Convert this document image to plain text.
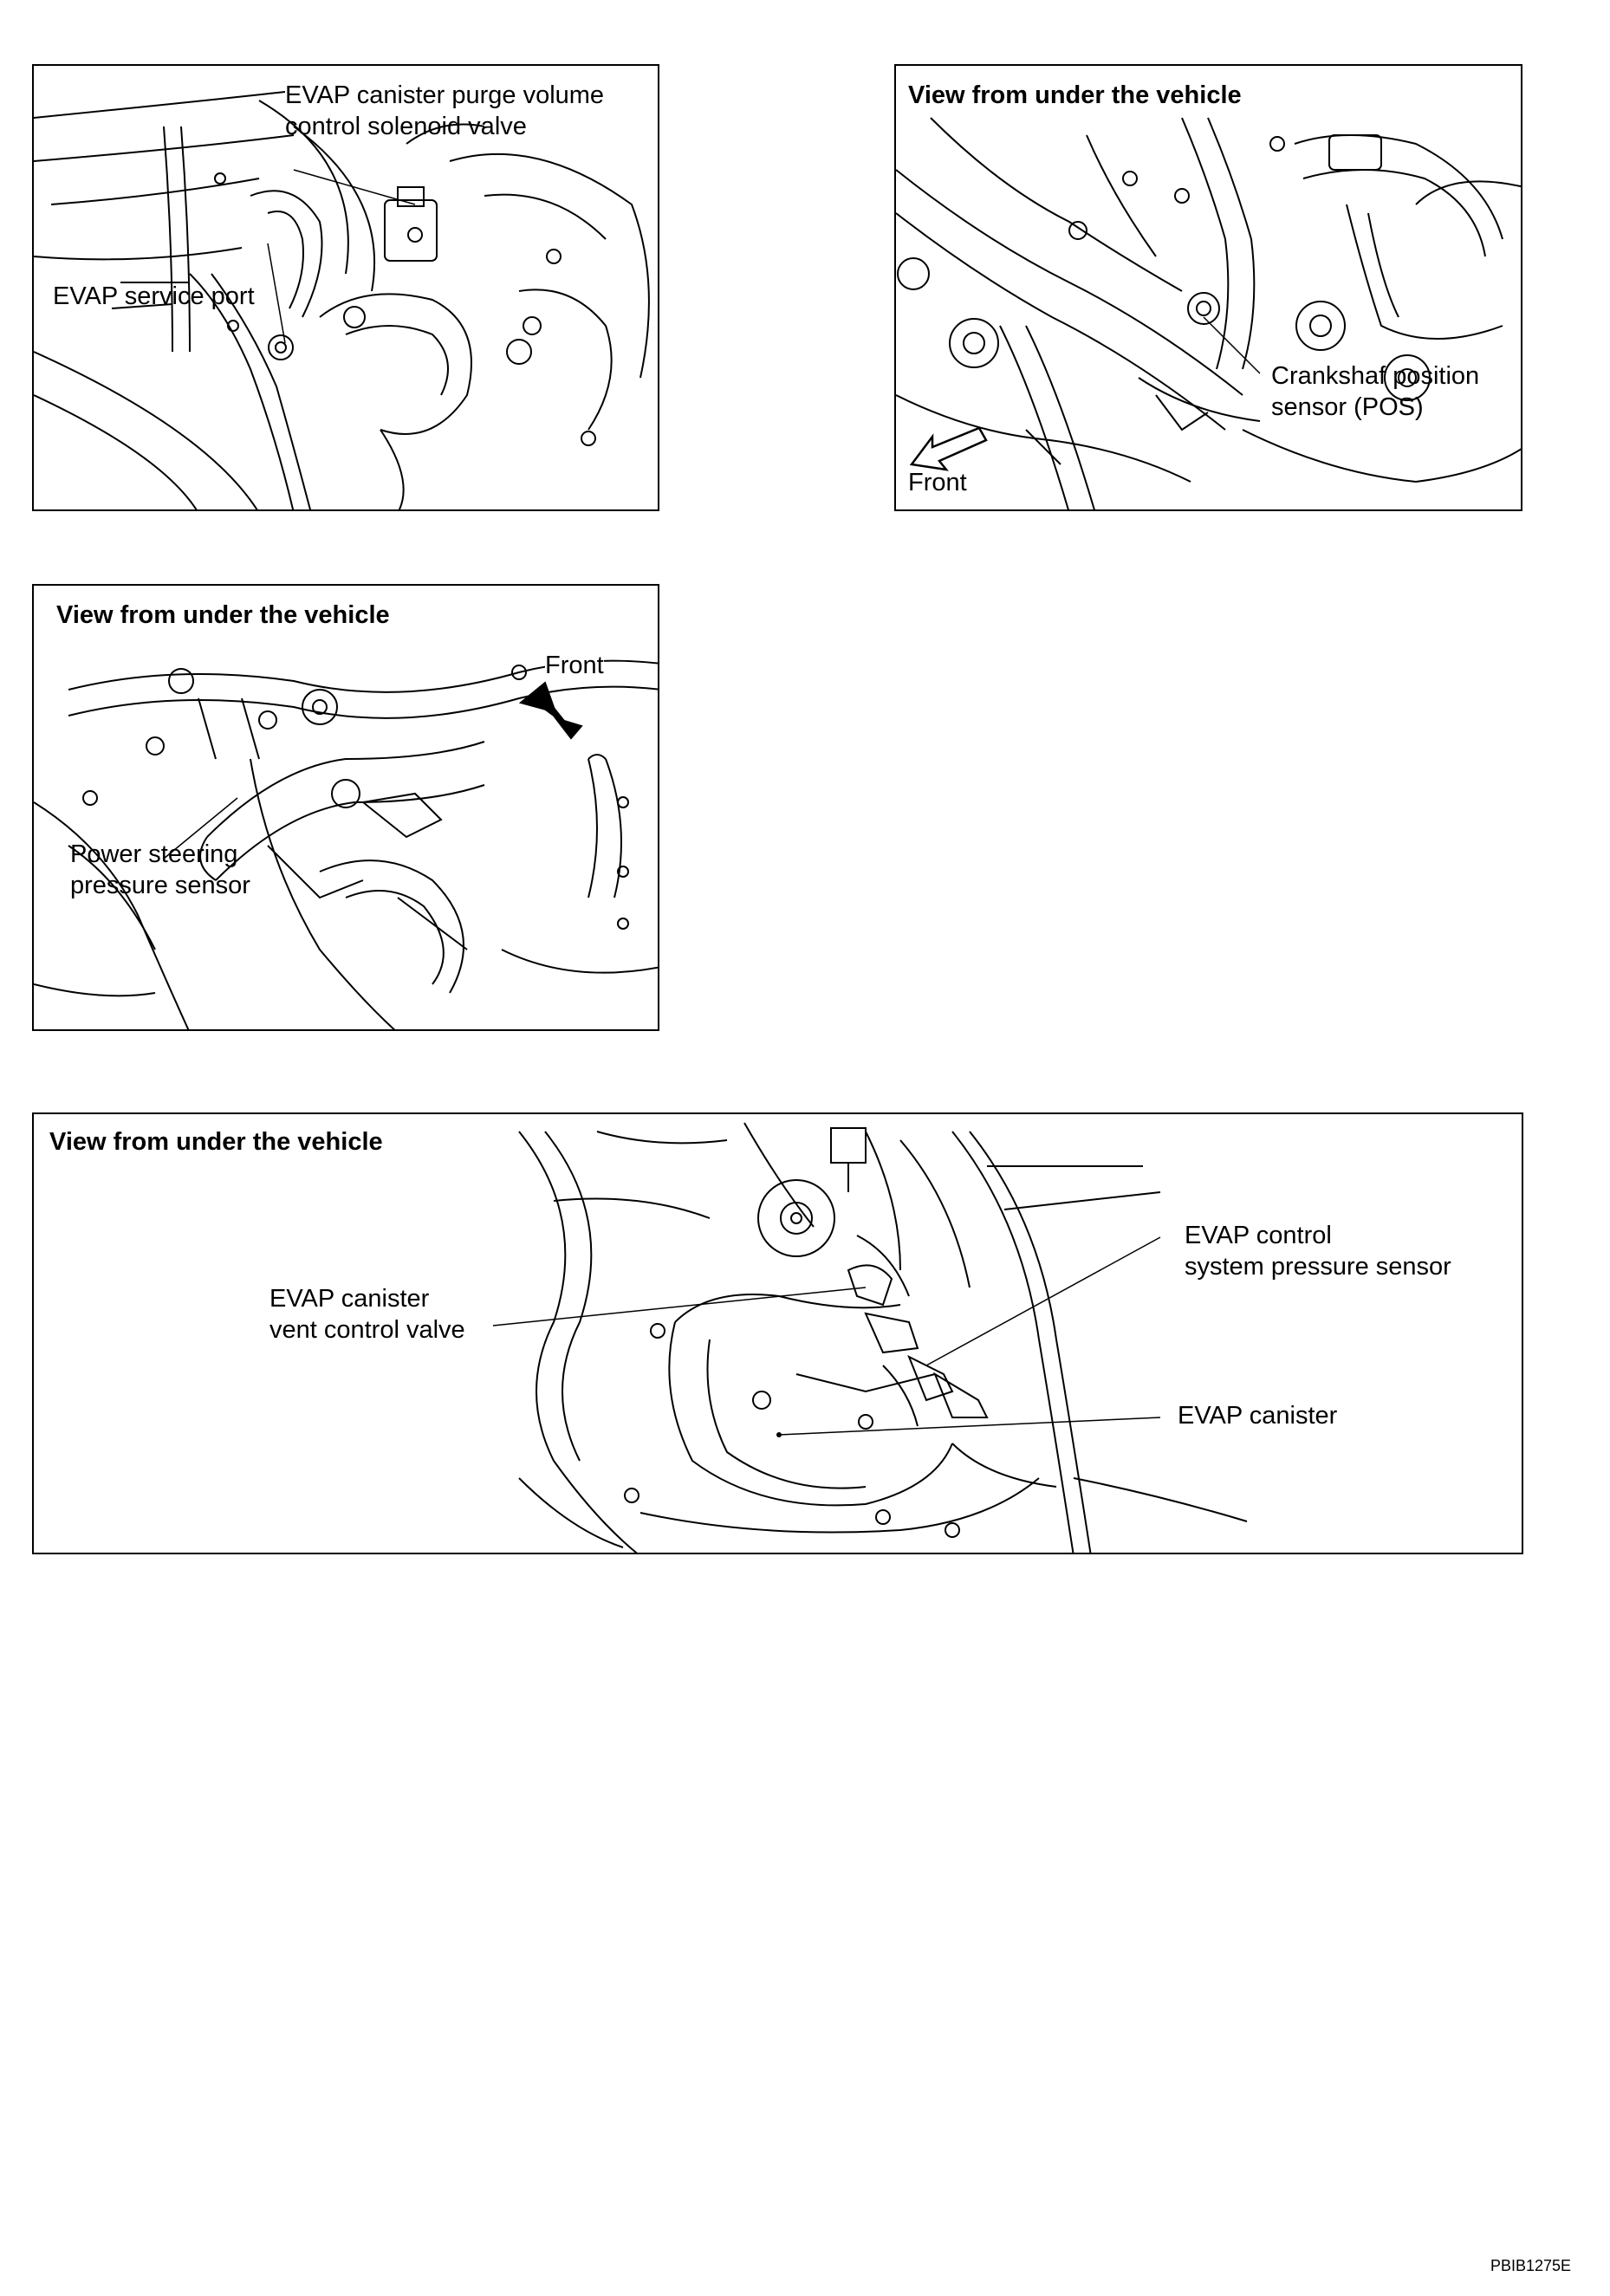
EVAP canister purge volume
control solenoid valve
EVAP service port
View from under the vehicle
Crankshaf position
sensor (POS)
Front
View from under the vehicle
Front
Power steering
pressure sensor
View from under the vehicle
EVAP canister
vent control valve
EVAP control
system pressure sensor
EVAP canister
PBIB1275E
